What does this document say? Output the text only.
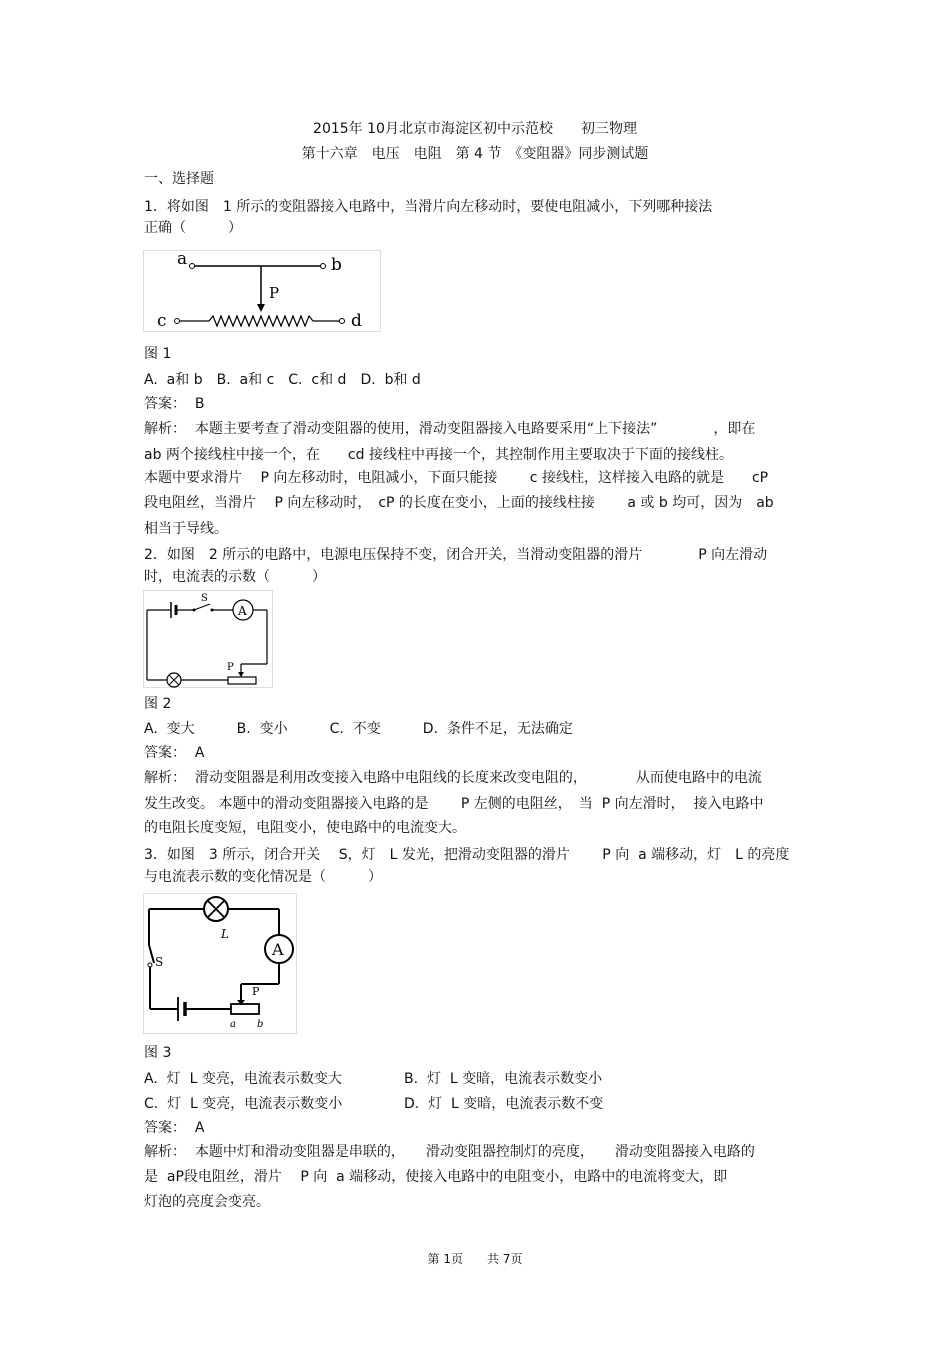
2015年 10月北京市海淀区初中示范校　　初三物理
第十六章　电压　电阻　第 4 节　《变阻器》同步测试题
一、选择题
1．将如图　1 所示的变阻器接入电路中，当滑片向左移动时，要使电阻减小，下列哪种接法
正确（　　　）
a	b
P
c	d
图 1
A.  a和 b　B.  a和 c　C.  c和 d　D.  b和 d
答案：  B
解析：  本题主要考查了滑动变阻器的使用，滑动变阻器接入电路要采用“上下接法”　　　　，即在
ab 两个接线柱中接一个，在　　cd 接线柱中再接一个，其控制作用主要取决于下面的接线柱。
本题中要求滑片　 P 向左移动时，电阻减小，下面只能接　　 c 接线柱，这样接入电路的就是　　cP
段电阻丝，当滑片　 P 向左移动时，　cP 的长度在变小，上面的接线柱接　　 a 或 b 均可，因为　ab
相当于导线。
2．如图　2 所示的电路中，电源电压保持不变，闭合开关，当滑动变阻器的滑片　　　　P 向左滑动
时，电流表的示数（　　　）
S
A
P
图 2
A.  变大　　　B.  变小　　　C.  不变　　　D.  条件不足，无法确定
答案：  A
解析：  滑动变阻器是利用改变接入电路中电阻线的长度来改变电阻的，　　　　从而使电路中的电流
发生改变。 本题中的滑动变阻器接入电路的是　　 P 左侧的电阻丝，　当  P 向左滑时，  接入电路中
的电阻长度变短，电阻变小，使电路中的电流变大。
3．如图　3 所示，闭合开关　 S，灯　L 发光，把滑动变阻器的滑片　　 P 向  a 端移动，灯　L 的亮度
与电流表示数的变化情况是（　　　）
L
A
P
S
a b
图 3
A.  灯  L 变亮，电流表示数变大	B.  灯  L 变暗，电流表示数变小
C.  灯  L 变亮，电流表示数变小	D.  灯  L 变暗，电流表示数不变
答案：  A
解析：  本题中灯和滑动变阻器是串联的，　　滑动变阻器控制灯的亮度，　　滑动变阻器接入电路的
是  aP段电阻丝，滑片　 P 向  a 端移动，使接入电路中的电阻变小，电路中的电流将变大，即
灯泡的亮度会变亮。
第 1页　　共 7页
